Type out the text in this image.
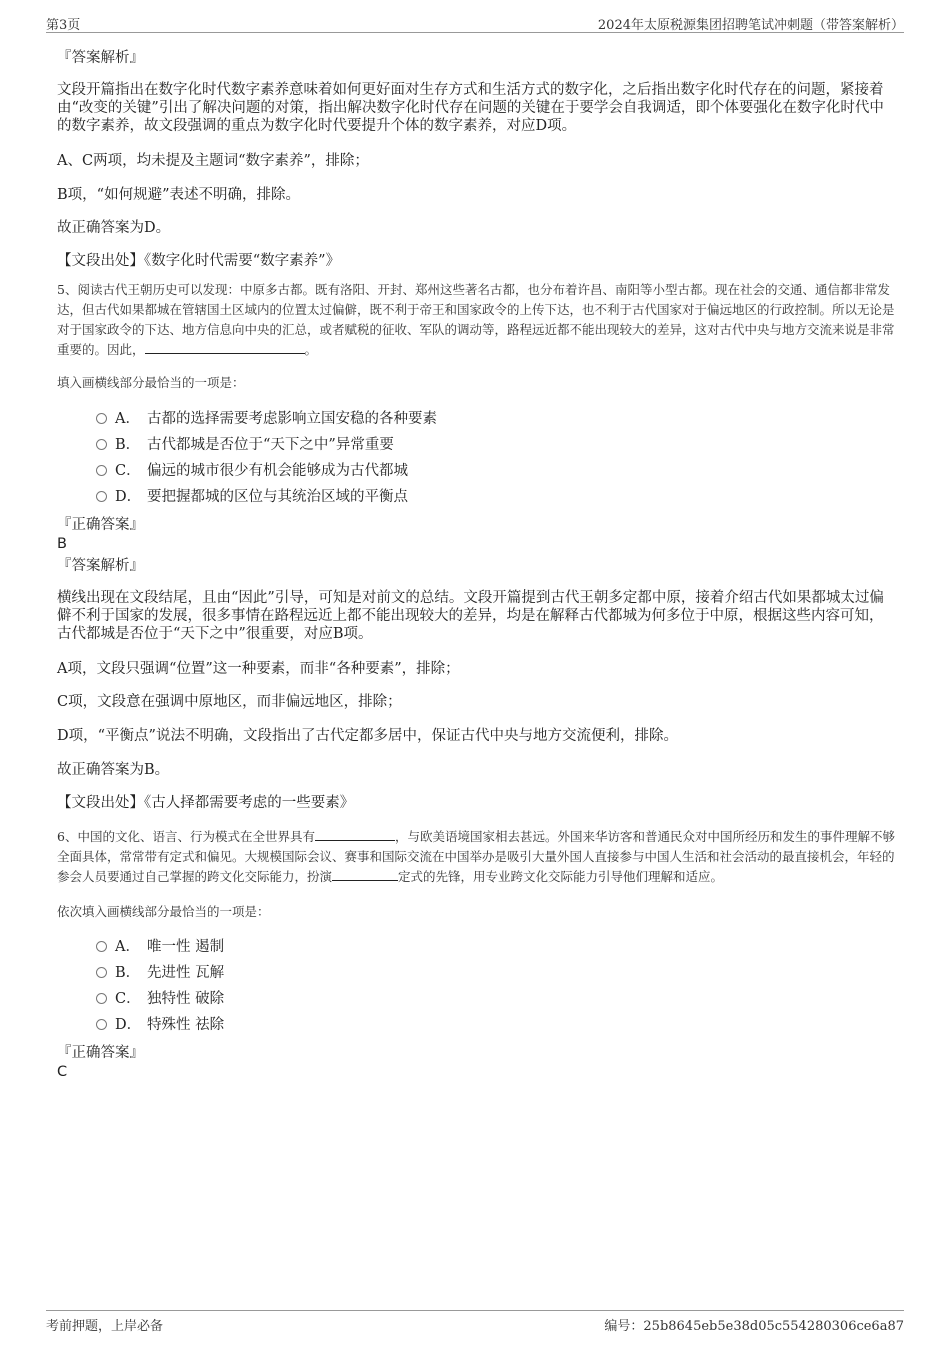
第3页	2024年太原税源集团招聘笔试冲刺题（带答案解析）
『答案解析』

文段开篇指出在数字化时代数字素养意味着如何更好面对生存方式和生活方式的数字化，之后指出数字化时代存在的问题，紧接着由“改变的关键”引出了解决问题的对策，指出解决数字化时代存在问题的关键在于要学会自我调适，即个体要强化在数字化时代中的数字素养，故文段强调的重点为数字化时代要提升个体的数字素养，对应D项。

A、C两项，均未提及主题词“数字素养”，排除；
B项，“如何规避”表述不明确，排除。
故正确答案为D。
【文段出处】《数字化时代需要“数字素养”》
5、阅读古代王朝历史可以发现：中原多古都。既有洛阳、开封、郑州这些著名古都，也分布着许昌、南阳等小型古都。现在社会的交通、通信都非常发达，但古代如果都城在管辖国土区域内的位置太过偏僻，既不利于帝王和国家政令的上传下达，也不利于古代国家对于偏远地区的行政控制。所以无论是对于国家政令的下达、地方信息向中央的汇总，或者赋税的征收、军队的调动等，路程远近都不能出现较大的差异，这对古代中央与地方交流来说是非常重要的。因此，	。
填入画横线部分最恰当的一项是：
A． 古都的选择需要考虑影响立国安稳的各种要素
B． 古代都城是否位于“天下之中”异常重要
C． 偏远的城市很少有机会能够成为古代都城
D． 要把握都城的区位与其统治区域的平衡点
『正确答案』
B
『答案解析』

横线出现在文段结尾，且由“因此”引导，可知是对前文的总结。文段开篇提到古代王朝多定都中原，接着介绍古代如果都城太过偏僻不利于国家的发展，很多事情在路程远近上都不能出现较大的差异，均是在解释古代都城为何多位于中原，根据这些内容可知，古代都城是否位于“天下之中”很重要，对应B项。

A项，文段只强调“位置”这一种要素，而非“各种要素”，排除；
C项，文段意在强调中原地区，而非偏远地区，排除；
D项，“平衡点”说法不明确，文段指出了古代定都多居中，保证古代中央与地方交流便利，排除。
故正确答案为B。
【文段出处】《古人择都需要考虑的一些要素》
6、中国的文化、语言、行为模式在全世界具有	，与欧美语境国家相去甚远。外国来华访客和普通民众对中国所经历和发生的事件理解不够全面具体，常常带有定式和偏见。大规模国际会议、赛事和国际交流在中国举办是吸引大量外国人直接参与中国人生活和社会活动的最直接机会，年轻的参会人员要通过自己掌握的跨文化交际能力，扮演	定式的先锋，用专业跨文化交际能力引导他们理解和适应。
依次填入画横线部分最恰当的一项是：
A． 唯一性 遏制
B． 先进性 瓦解
C． 独特性 破除
D． 特殊性 祛除
『正确答案』
C
考前押题，上岸必备	编号：25b8645eb5e38d05c554280306ce6a87
